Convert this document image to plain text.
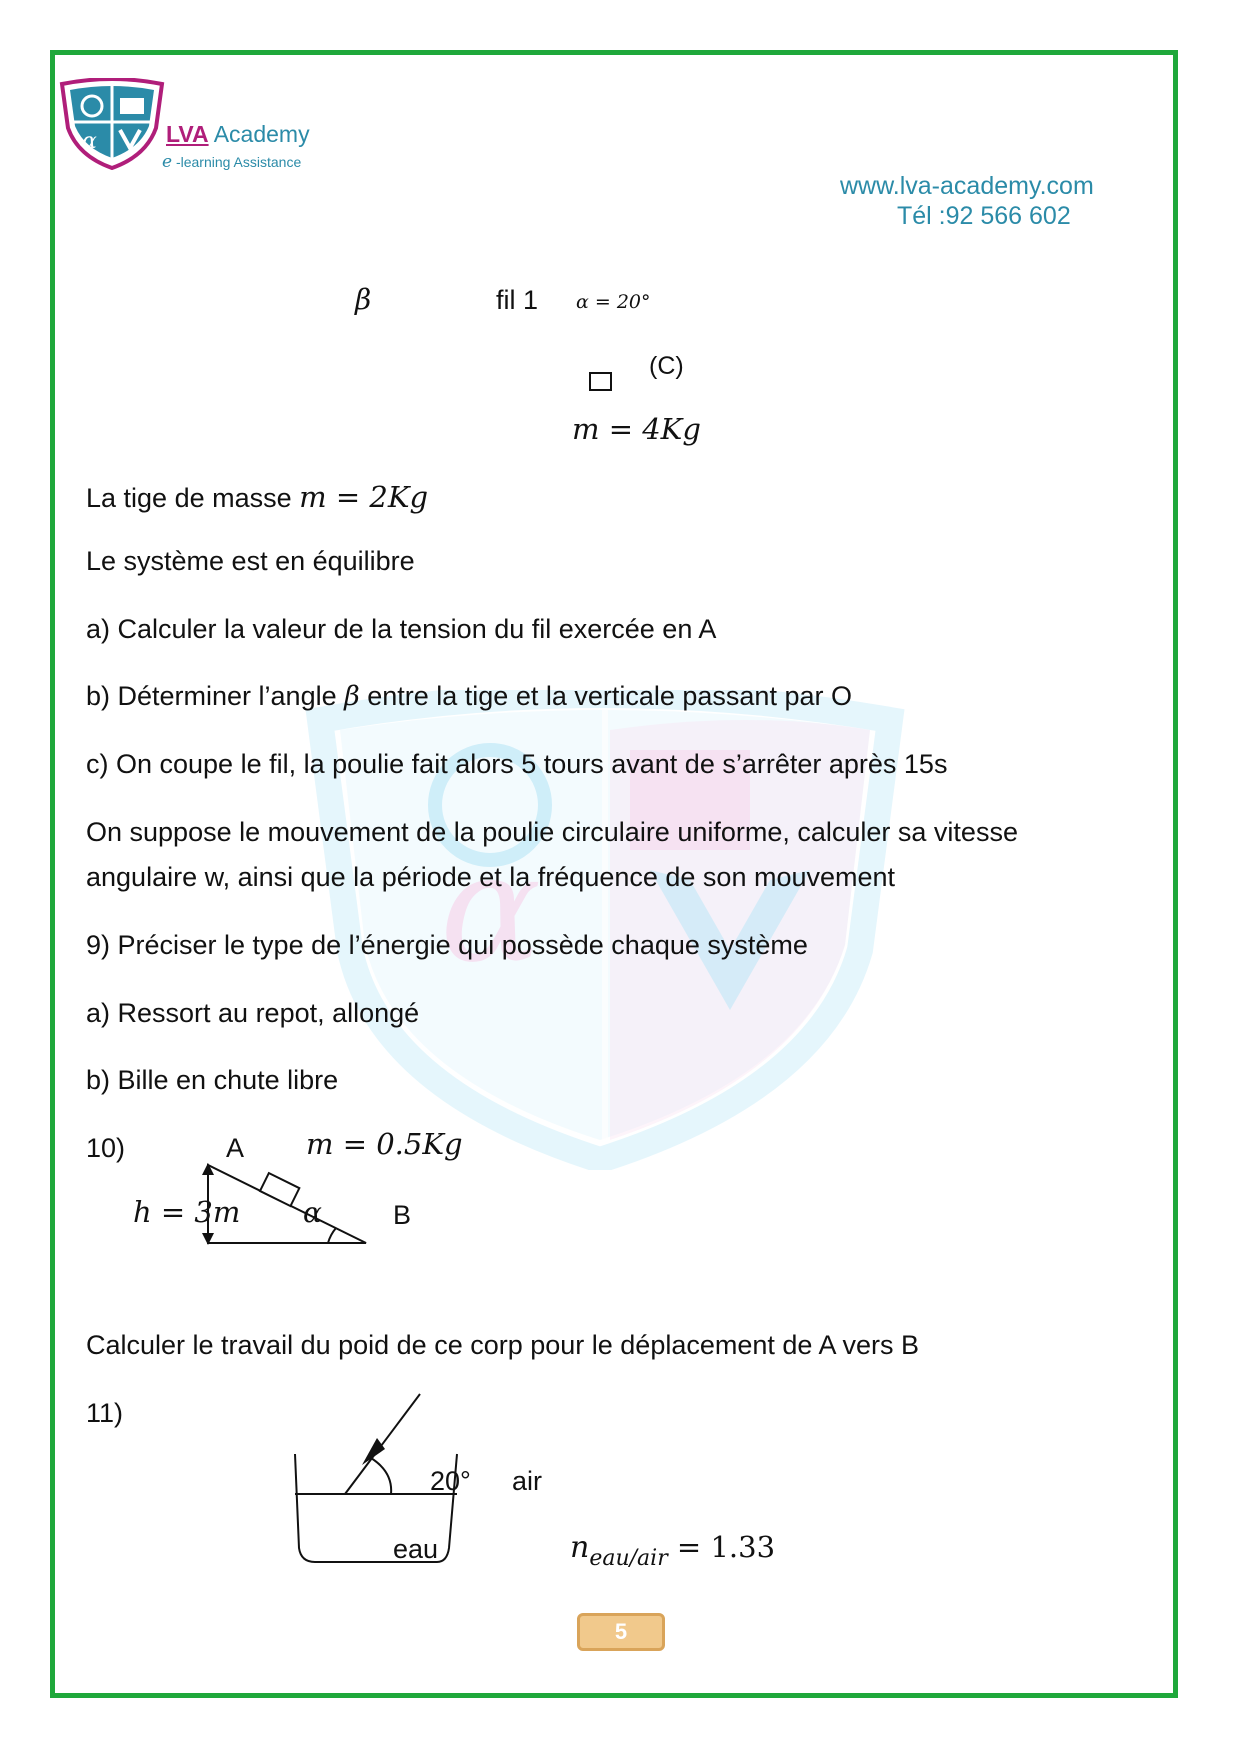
α
α	LVA Academy
e -learning Assistance
www.lva-academy.com
Tél :92 566 602
β	fil 1 α = 20°
(C)
m = 4Kg
La tige de masse m = 2Kg
Le système est en équilibre
a) Calculer la valeur de la tension du fil exercée en A
b) Déterminer l’angle β entre la tige et la verticale passant par O
c) On coupe le fil, la poulie fait alors 5 tours avant de s’arrêter après 15s
On suppose le mouvement de la poulie circulaire uniforme, calculer sa vitesse
angulaire w, ainsi que la période et la fréquence de son mouvement
9) Préciser le type de l’énergie qui possède chaque système
a) Ressort au repot, allongé
b) Bille en chute libre
10)	A m = 0.5Kg
h = 3m α	B
Calculer le travail du poid de ce corp pour le déplacement de A vers B
11)
20° air
eau	$n_{eau/air} = 1.33$
5
